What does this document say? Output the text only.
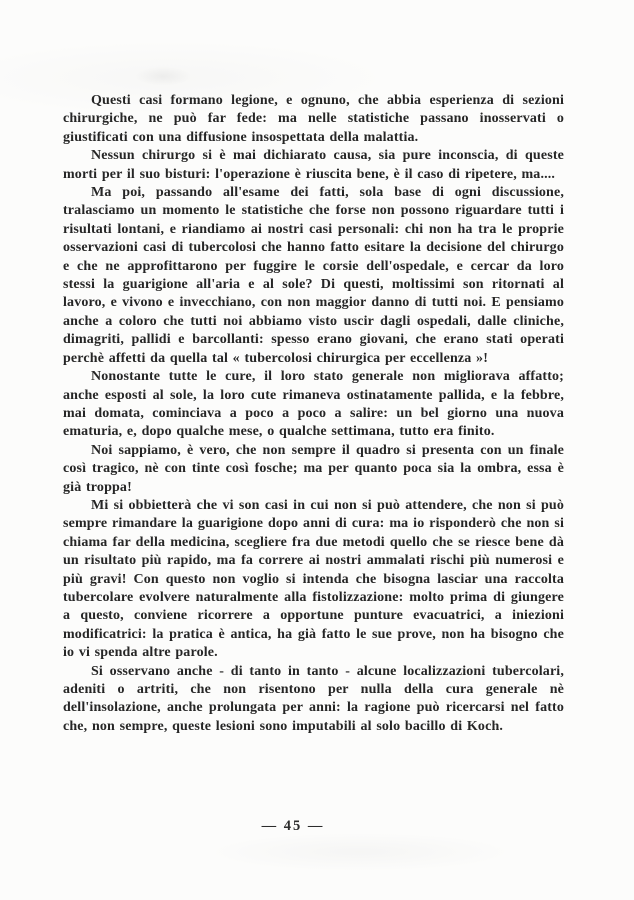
Questi casi formano legione, e ognuno, che abbia esperienza di sezioni chirurgiche, ne può far fede: ma nelle statistiche passano inosservati o giustificati con una diffusione insospettata della malattia.

Nessun chirurgo si è mai dichiarato causa, sia pure inconscia, di queste morti per il suo bisturi: l'operazione è riuscita bene, è il caso di ripetere, ma....

Ma poi, passando all'esame dei fatti, sola base di ogni discussione, tralasciamo un momento le statistiche che forse non possono riguardare tutti i risultati lontani, e riandiamo ai nostri casi personali: chi non ha tra le proprie osservazioni casi di tubercolosi che hanno fatto esitare la decisione del chirurgo e che ne approfittarono per fuggire le corsie dell'ospedale, e cercar da loro stessi la guarigione all'aria e al sole? Di questi, moltissimi son ritornati al lavoro, e vivono e invecchiano, con non maggior danno di tutti noi. E pensiamo anche a coloro che tutti noi abbiamo visto uscir dagli ospedali, dalle cliniche, dimagriti, pallidi e barcollanti: spesso erano giovani, che erano stati operati perchè affetti da quella tal « tubercolosi chirurgica per eccellenza »!

Nonostante tutte le cure, il loro stato generale non migliorava affatto; anche esposti al sole, la loro cute rimaneva ostinatamente pallida, e la febbre, mai domata, cominciava a poco a poco a salire: un bel giorno una nuova ematuria, e, dopo qualche mese, o qualche settimana, tutto era finito.

Noi sappiamo, è vero, che non sempre il quadro si presenta con un finale così tragico, nè con tinte così fosche; ma per quanto poca sia la ombra, essa è già troppa!

Mi si obbietterà che vi son casi in cui non si può attendere, che non si può sempre rimandare la guarigione dopo anni di cura: ma io risponderò che non si chiama far della medicina, scegliere fra due metodi quello che se riesce bene dà un risultato più rapido, ma fa correre ai nostri ammalati rischi più numerosi e più gravi! Con questo non voglio si intenda che bisogna lasciar una raccolta tubercolare evolvere naturalmente alla fistolizzazione: molto prima di giungere a questo, conviene ricorrere a opportune punture evacuatrici, a iniezioni modificatrici: la pratica è antica, ha già fatto le sue prove, non ha bisogno che io vi spenda altre parole.

Si osservano anche - di tanto in tanto - alcune localizzazioni tubercolari, adeniti o artriti, che non risentono per nulla della cura generale nè dell'insolazione, anche prolungata per anni: la ragione può ricercarsi nel fatto che, non sempre, queste lesioni sono imputabili al solo bacillo di Koch.

— 45 —
